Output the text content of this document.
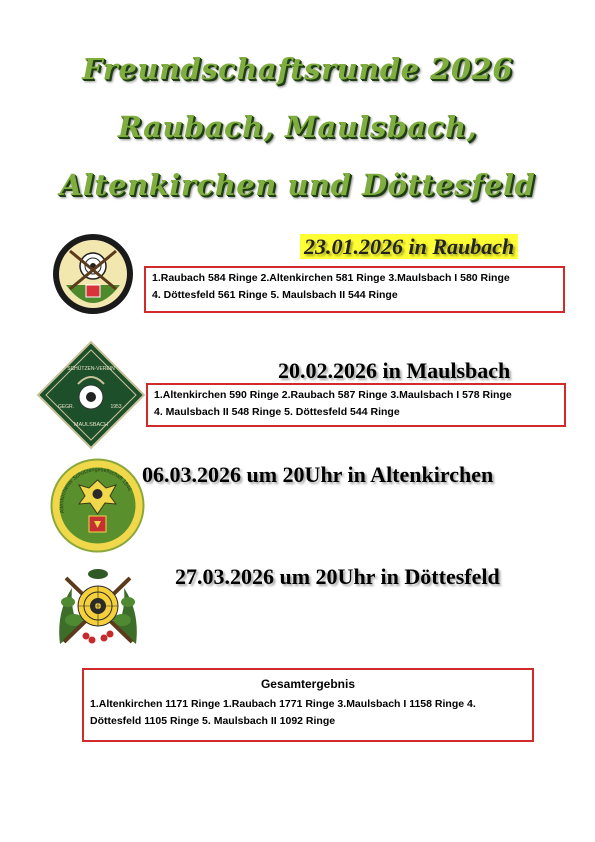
Freundschaftsrunde 2026
Raubach, Maulsbach,
Altenkirchen und Döttesfeld
1951	23.01.2026 in Raubach
1.Raubach 584 Ringe 2.Altenkirchen 581 Ringe 3.Maulsbach I 580 Ringe
4. Döttesfeld 561 Ringe 5. Maulsbach II 544 Ringe
SCHÜTZEN-VEREIN
GEGR.	1953
MAULSBACH
20.02.2026 in Maulsbach
1.Altenkirchen 590 Ringe 2.Raubach 587 Ringe 3.Maulsbach I 578 Ringe
4. Maulsbach II 548 Ringe 5. Döttesfeld 544 Ringe
Altenkirchener Schützengesellschaft 1846
06.03.2026 um 20Uhr in Altenkirchen
27.03.2026 um 20Uhr in Döttesfeld
Gesamtergebnis
1.Altenkirchen 1171 Ringe 1.Raubach 1771 Ringe 3.Maulsbach I 1158 Ringe 4.
Döttesfeld 1105 Ringe 5. Maulsbach II 1092 Ringe
